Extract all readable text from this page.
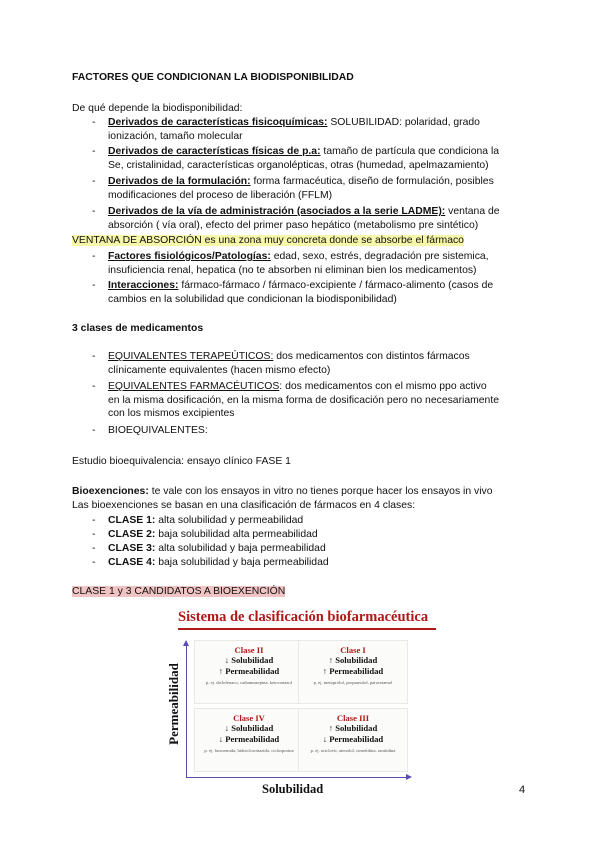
FACTORES QUE CONDICIONAN LA BIODISPONIBILIDAD
De qué depende la biodisponibilidad:
-	Derivados de características fisicoquímicas: SOLUBILIDAD: polaridad, grado
ionización, tamaño molecular
-	Derivados de características físicas de p.a: tamaño de partícula que condiciona la
Se, cristalinidad, características organolépticas, otras (humedad, apelmazamiento)
-	Derivados de la formulación: forma farmacéutica, diseño de formulación, posibles
modificaciones del proceso de liberación (FFLM)
-	Derivados de la vía de administración (asociados a la serie LADME): ventana de
absorción ( vía oral), efecto del primer paso hepático (metabolismo pre sintético)
VENTANA DE ABSORCIÓN es una zona muy concreta donde se absorbe el fármaco
-	Factores fisiológicos/Patologías: edad, sexo, estrés, degradación pre sistemica,
insuficiencia renal, hepatica (no te absorben ni eliminan bien los medicamentos)
-	Interacciones: fármaco-fármaco / fármaco-excipiente / fármaco-alimento (casos de
cambios en la solubilidad que condicionan la biodisponibilidad)
3 clases de medicamentos
-	EQUIVALENTES TERAPEÚTICOS: dos medicamentos con distintos fármacos
clínicamente equivalentes (hacen mismo efecto)
-	EQUIVALENTES FARMACÉUTICOS: dos medicamentos con el mismo ppo activo
en la misma dosificación, en la misma forma de dosificación pero no necesariamente
con los mismos excipientes
-	BIOEQUIVALENTES:
Estudio bioequivalencia: ensayo clínico FASE 1
Bioexenciones: te vale con los ensayos in vitro no tienes porque hacer los ensayos in vivo
Las bioexenciones se basan en una clasificación de fármacos en 4 clases:
-	CLASE 1: alta solubilidad y permeabilidad
-	CLASE 2: baja solubilidad alta permeabilidad
-	CLASE 3: alta solubilidad y baja permeabilidad
-	CLASE 4: baja solubilidad y baja permeabilidad
CLASE 1 y 3 CANDIDATOS A BIOEXENCIÓN
Sistema de clasificación biofarmacéutica
Clase II
↓ Solubilidad
↑ Permeabilidad
p. ej. diclofenaco, carbamazepina, ketoconazol
Clase I
↑ Solubilidad
↑ Permeabilidad
p. ej. metoprolol, propranolol, paracetamol
Clase IV
↓ Solubilidad
↓ Permeabilidad
p. ej. furosemida, hidroclorotiazida, ciclosporina
Clase III
↑ Solubilidad
↓ Permeabilidad
p. ej. aciclovir, atenolol, cimetidina, ranitidina
Permeabilidad
Solubilidad	4
